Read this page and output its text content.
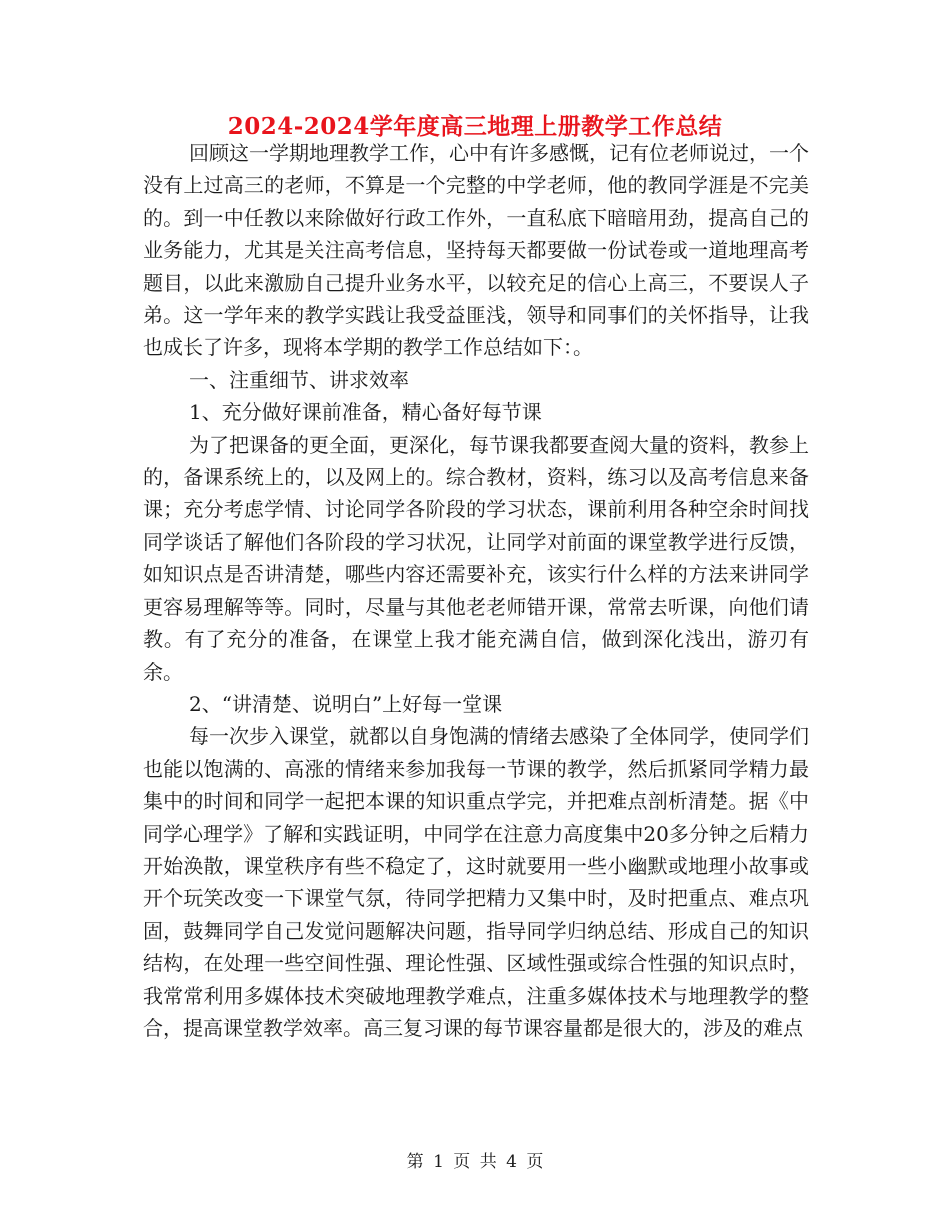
2024-2024学年度高三地理上册教学工作总结

回顾这一学期地理教学工作，心中有许多感慨，记有位老师说过，一个没有上过高三的老师，不算是一个完整的中学老师，他的教同学涯是不完美的。到一中任教以来除做好行政工作外，一直私底下暗暗用劲，提高自己的业务能力，尤其是关注高考信息，坚持每天都要做一份试卷或一道地理高考题目，以此来激励自己提升业务水平，以较充足的信心上高三，不要误人子弟。这一学年来的教学实践让我受益匪浅，领导和同事们的关怀指导，让我也成长了许多，现将本学期的教学工作总结如下：。

一、注重细节、讲求效率

1、充分做好课前准备，精心备好每节课

为了把课备的更全面，更深化，每节课我都要查阅大量的资料，教参上的，备课系统上的，以及网上的。综合教材，资料，练习以及高考信息来备课；充分考虑学情、讨论同学各阶段的学习状态，课前利用各种空余时间找同学谈话了解他们各阶段的学习状况，让同学对前面的课堂教学进行反馈，如知识点是否讲清楚，哪些内容还需要补充，该实行什么样的方法来讲同学更容易理解等等。同时，尽量与其他老老师错开课，常常去听课，向他们请教。有了充分的准备，在课堂上我才能充满自信，做到深化浅出，游刃有余。

2、“讲清楚、说明白”上好每一堂课

每一次步入课堂，就都以自身饱满的情绪去感染了全体同学，使同学们也能以饱满的、高涨的情绪来参加我每一节课的教学，然后抓紧同学精力最集中的时间和同学一起把本课的知识重点学完，并把难点剖析清楚。据《中同学心理学》了解和实践证明，中同学在注意力高度集中20多分钟之后精力开始涣散，课堂秩序有些不稳定了，这时就要用一些小幽默或地理小故事或开个玩笑改变一下课堂气氛，待同学把精力又集中时，及时把重点、难点巩固，鼓舞同学自己发觉问题解决问题，指导同学归纳总结、形成自己的知识结构，在处理一些空间性强、理论性强、区域性强或综合性强的知识点时，我常常利用多媒体技术突破地理教学难点，注重多媒体技术与地理教学的整合，提高课堂教学效率。高三复习课的每节课容量都是很大的，涉及的难点

第 1 页 共 4 页
